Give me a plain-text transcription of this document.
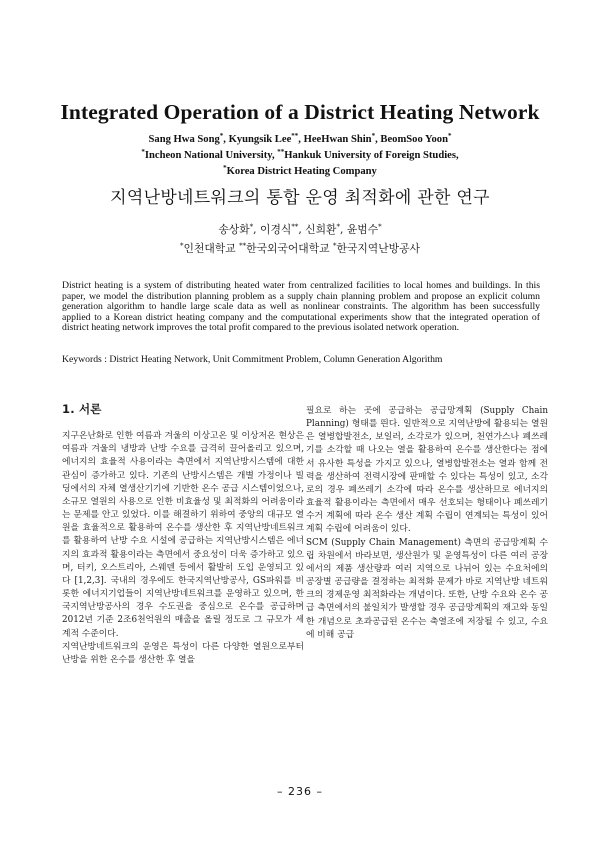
Integrated Operation of a District Heating Network
Sang Hwa Song*, Kyungsik Lee**, HeeHwan Shin*, BeomSoo Yoon*
*Incheon National University, **Hankuk University of Foreign Studies,
*Korea District Heating Company
지역난방네트워크의 통합 운영 최적화에 관한 연구
송상화*, 이경식**, 신희환*, 윤범수*
*인천대학교 **한국외국어대학교 *한국지역난방공사

District heating is a system of distributing heated water from centralized facilities to local homes and buildings. In this paper, we model the distribution planning problem as a supply chain planning problem and propose an explicit column generation algorithm to handle large scale data as well as nonlinear constraints. The algorithm has been successfully applied to a Korean district heating company and the computational experiments show that the integrated operation of district heating network improves the total profit compared to the previous isolated network operation.

Keywords : District Heating Network, Unit Commitment Problem, Column Generation Algorithm
1. 서론

지구온난화로 인한 여름과 겨울의 이상고온 및 이상저온 현상은 여름과 겨울의 냉방과 난방 수요를 급격히 끌어올리고 있으며, 에너지의 효율적 사용이라는 측면에서 지역난방시스템에 대한 관심이 증가하고 있다. 기존의 난방시스템은 개별 가정이나 빌딩에서의 자체 열생산기기에 기반한 온수 공급 시스템이었으나, 소규모 열원의 사용으로 인한 비효율성 및 최적화의 어려움이라는 문제를 안고 있었다. 이를 해결하기 위하여 중앙의 대규모 열원을 효율적으로 활용하여 온수를 생산한 후 지역난방네트워크를 활용하여 난방 수요 시설에 공급하는 지역난방시스템은 에너지의 효과적 활용이라는 측면에서 중요성이 더욱 증가하고 있으며, 터키, 오스트리아, 스웨덴 등에서 활발히 도입 운영되고 있다 [1,2,3]. 국내의 경우에도 한국지역난방공사, GS파워를 비롯한 에너지기업들이 지역난방네트워크를 운영하고 있으며, 한국지역난방공사의 경우 수도권을 중심으로 온수를 공급하며 2012년 기준 2조6천억원의 매출을 올릴 정도로 그 규모가 세계적 수준이다.

지역난방네트워크의 운영은 특성이 다른 다양한 열원으로부터 난방을 위한 온수를 생산한 후 열을

필요로 하는 곳에 공급하는 공급망계획 (Supply Chain Planning) 형태를 띈다. 일반적으로 지역난방에 활용되는 열원은 열병합발전소, 보일러, 소각로가 있으며, 천연가스나 폐쓰레기를 소각할 때 나오는 열을 활용하여 온수를 생산한다는 점에서 유사한 특성을 가지고 있으나, 열병합발전소는 열과 함께 전력을 생산하여 전력시장에 판매할 수 있다는 특성이 있고, 소각로의 경우 폐쓰레기 소각에 따라 온수를 생산하므로 에너지의 효율적 활용이라는 측면에서 매우 선호되는 형태이나 폐쓰레기 수거 계획에 따라 온수 생산 계획 수립이 연계되는 특성이 있어 계획 수립에 어려움이 있다.

SCM (Supply Chain Management) 측면의 공급망계획 수립 차원에서 바라보면, 생산원가 및 운영특성이 다른 여러 공장에서의 제품 생산량과 여러 지역으로 나뉘어 있는 수요처에의 공장별 공급량을 결정하는 최적화 문제가 바로 지역난방 네트워크의 경제운영 최적화라는 개념이다. 또한, 난방 수요와 온수 공급 측면에서의 불일치가 발생할 경우 공급망계획의 재고와 동일한 개념으로 초과공급된 온수는 축열조에 저장될 수 있고, 수요에 비해 공급

– 236 –
